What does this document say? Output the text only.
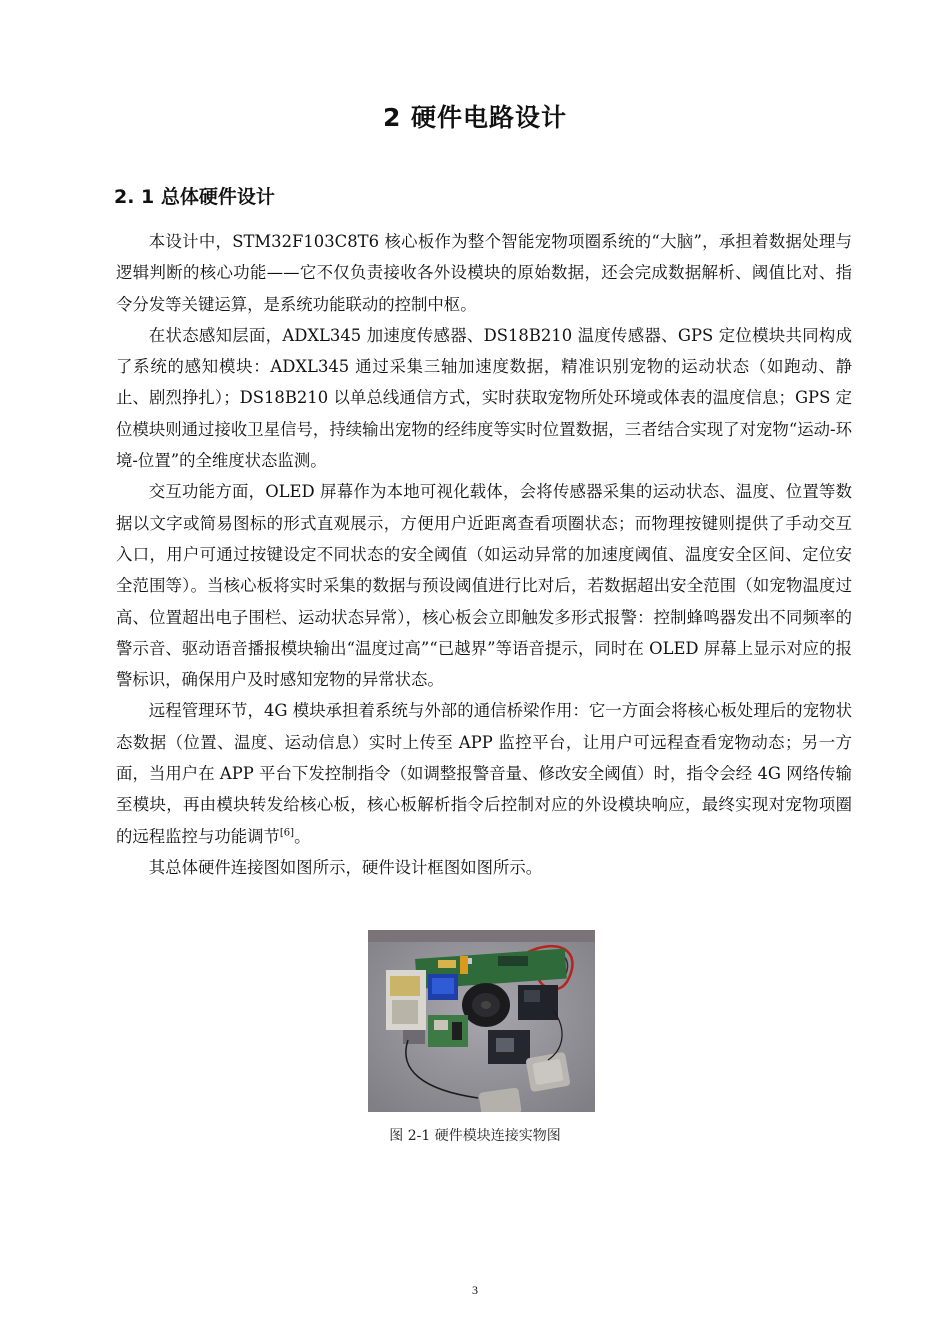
2 硬件电路设计
2. 1 总体硬件设计

本设计中，STM32F103C8T6 核心板作为整个智能宠物项圈系统的“大脑”，承担着数据处理与逻辑判断的核心功能——它不仅负责接收各外设模块的原始数据，还会完成数据解析、阈值比对、指令分发等关键运算，是系统功能联动的控制中枢。

在状态感知层面，ADXL345 加速度传感器、DS18B210 温度传感器、GPS 定位模块共同构成了系统的感知模块：ADXL345 通过采集三轴加速度数据，精准识别宠物的运动状态（如跑动、静止、剧烈挣扎）；DS18B210 以单总线通信方式，实时获取宠物所处环境或体表的温度信息；GPS 定位模块则通过接收卫星信号，持续输出宠物的经纬度等实时位置数据，三者结合实现了对宠物“运动-环境-位置”的全维度状态监测。

交互功能方面，OLED 屏幕作为本地可视化载体，会将传感器采集的运动状态、温度、位置等数据以文字或简易图标的形式直观展示，方便用户近距离查看项圈状态；而物理按键则提供了手动交互入口，用户可通过按键设定不同状态的安全阈值（如运动异常的加速度阈值、温度安全区间、定位安全范围等）。当核心板将实时采集的数据与预设阈值进行比对后，若数据超出安全范围（如宠物温度过高、位置超出电子围栏、运动状态异常），核心板会立即触发多形式报警：控制蜂鸣器发出不同频率的警示音、驱动语音播报模块输出“温度过高”“已越界”等语音提示，同时在 OLED 屏幕上显示对应的报警标识，确保用户及时感知宠物的异常状态。

远程管理环节，4G 模块承担着系统与外部的通信桥梁作用：它一方面会将核心板处理后的宠物状态数据（位置、温度、运动信息）实时上传至 APP 监控平台，让用户可远程查看宠物动态；另一方面，当用户在 APP 平台下发控制指令（如调整报警音量、修改安全阈值）时，指令会经 4G 网络传输至模块，再由模块转发给核心板，核心板解析指令后控制对应的外设模块响应，最终实现对宠物项圈的远程监控与功能调节[6]。

其总体硬件连接图如图所示，硬件设计框图如图所示。

图 2-1 硬件模块连接实物图
3
